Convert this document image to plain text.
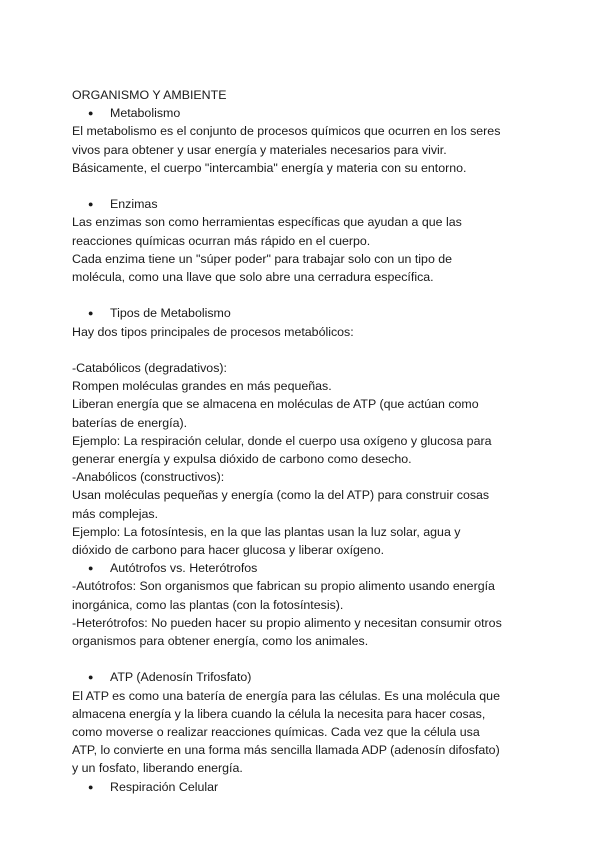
ORGANISMO Y AMBIENTE
● Metabolismo
El metabolismo es el conjunto de procesos químicos que ocurren en los seres
vivos para obtener y usar energía y materiales necesarios para vivir.
Básicamente, el cuerpo "intercambia" energía y materia con su entorno.
● Enzimas
Las enzimas son como herramientas específicas que ayudan a que las
reacciones químicas ocurran más rápido en el cuerpo.
Cada enzima tiene un "súper poder" para trabajar solo con un tipo de
molécula, como una llave que solo abre una cerradura específica.
● Tipos de Metabolismo
Hay dos tipos principales de procesos metabólicos:
-Catabólicos (degradativos):
Rompen moléculas grandes en más pequeñas.
Liberan energía que se almacena en moléculas de ATP (que actúan como
baterías de energía).
Ejemplo: La respiración celular, donde el cuerpo usa oxígeno y glucosa para
generar energía y expulsa dióxido de carbono como desecho.
-Anabólicos (constructivos):
Usan moléculas pequeñas y energía (como la del ATP) para construir cosas
más complejas.
Ejemplo: La fotosíntesis, en la que las plantas usan la luz solar, agua y
dióxido de carbono para hacer glucosa y liberar oxígeno.
● Autótrofos vs. Heterótrofos
-Autótrofos: Son organismos que fabrican su propio alimento usando energía
inorgánica, como las plantas (con la fotosíntesis).
-Heterótrofos: No pueden hacer su propio alimento y necesitan consumir otros
organismos para obtener energía, como los animales.
● ATP (Adenosín Trifosfato)
El ATP es como una batería de energía para las células. Es una molécula que
almacena energía y la libera cuando la célula la necesita para hacer cosas,
como moverse o realizar reacciones químicas. Cada vez que la célula usa
ATP, lo convierte en una forma más sencilla llamada ADP (adenosín difosfato)
y un fosfato, liberando energía.
● Respiración Celular
